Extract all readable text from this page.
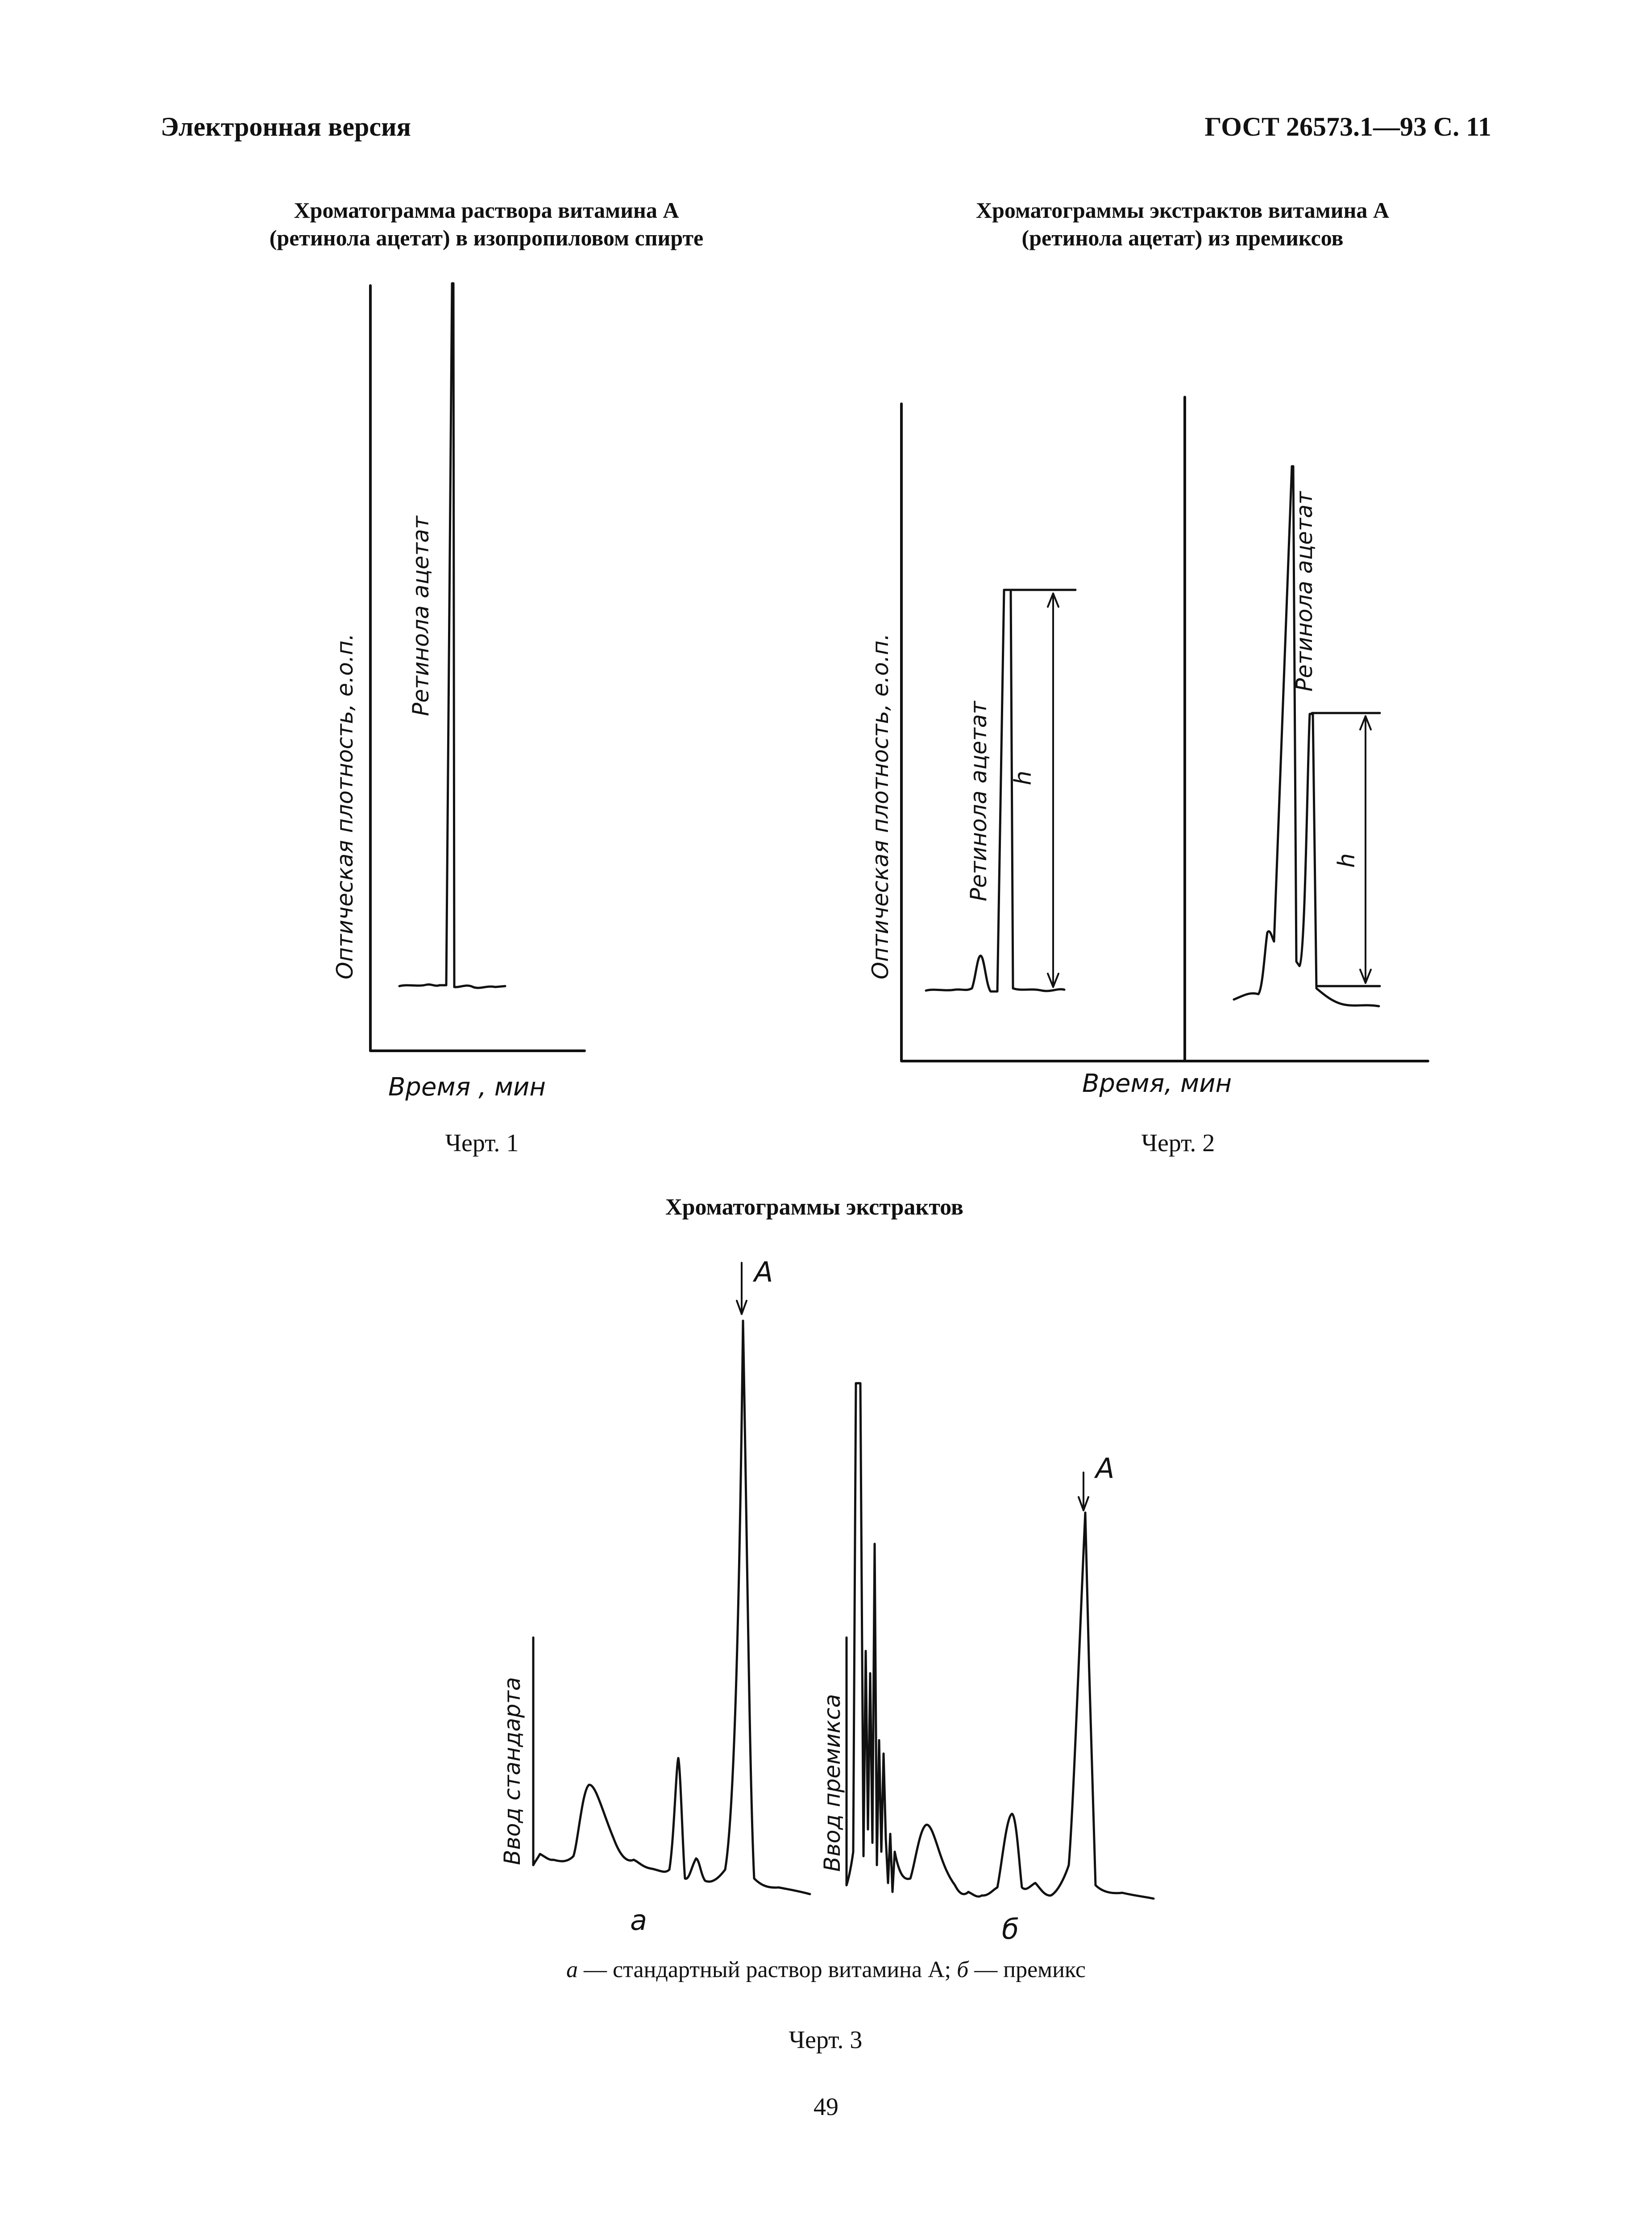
Электронная версия	ГОСТ 26573.1—93 С. 11
Хроматограмма раствора витамина А
(ретинола ацетат) в изопропиловом спирте
Хроматограммы экстрактов витамина А
(ретинола ацетат) из премиксов
Оптическая плотность, е.о.п.
Ретинола ацетат
Время , мин
h
Оптическая плотность, е.о.п.	Ретинола ацетат	h
Ретинола ацетат
Время, мин
A
Ввод стандарта
а
A
Ввод премикса
б
Черт. 1	Черт. 2
Хроматограммы экстрактов
а — стандартный раствор витамина А; б — премикс
Черт. 3
49
